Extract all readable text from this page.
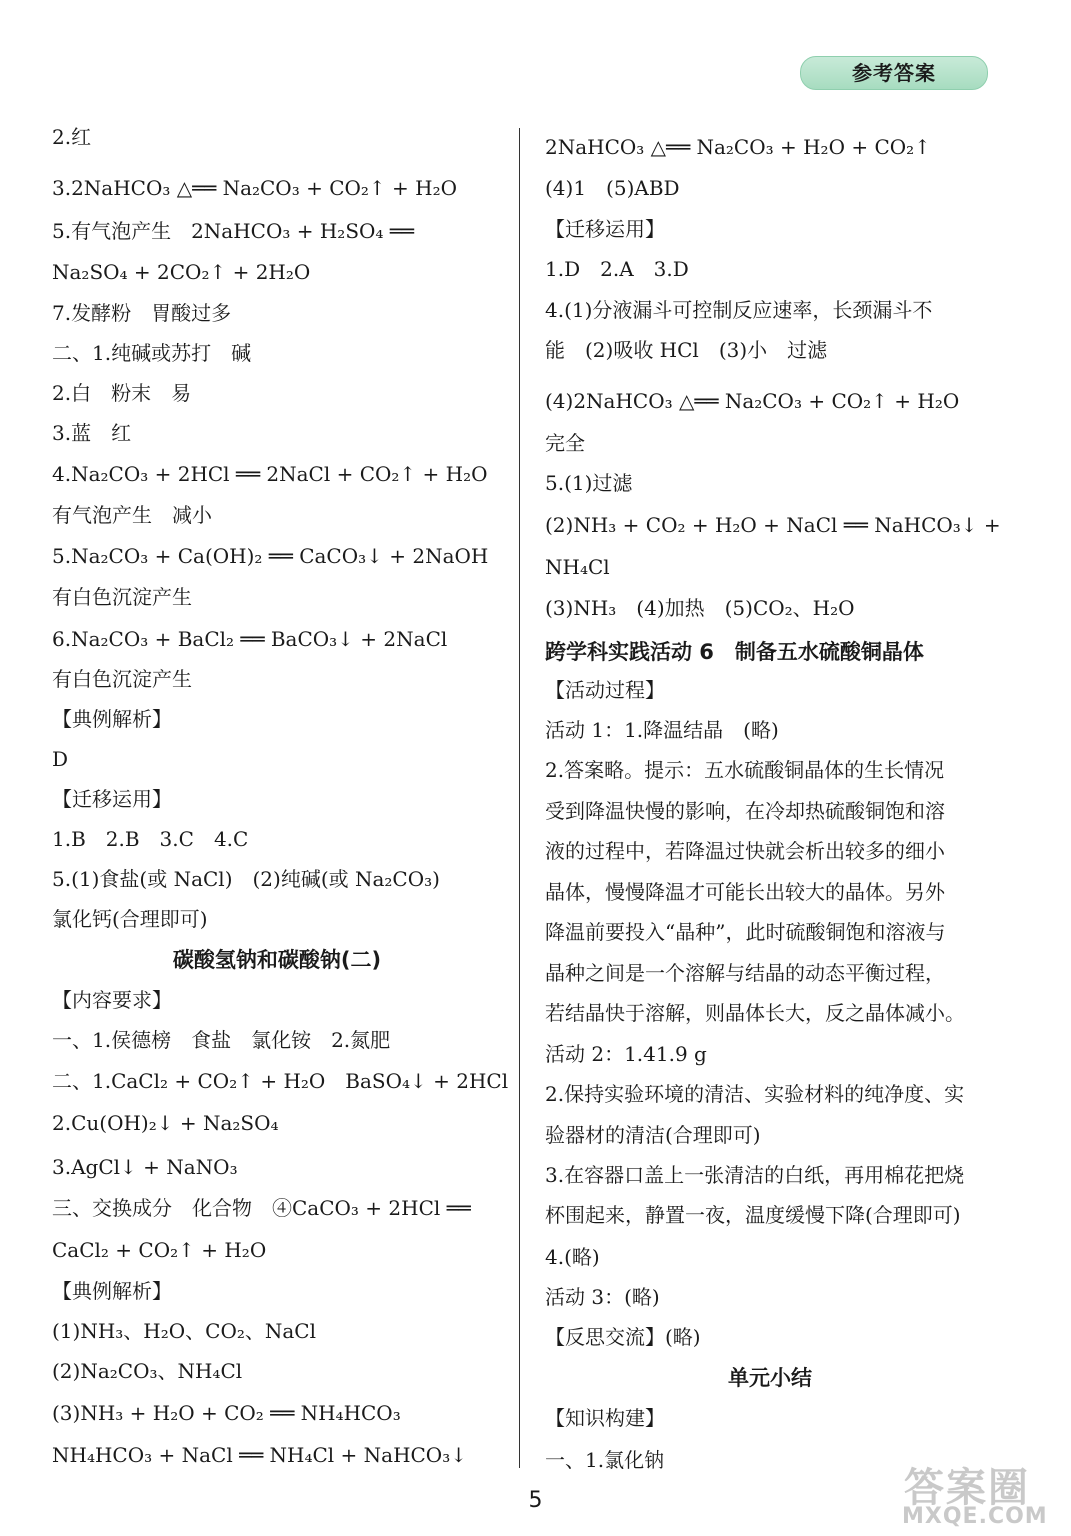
参考答案
2.红
3.2NaHCO₃ △══ Na₂CO₃ + CO₂↑ + H₂O
5.有气泡产生　2NaHCO₃ + H₂SO₄ ══
Na₂SO₄ + 2CO₂↑ + 2H₂O
7.发酵粉　胃酸过多
二、1.纯碱或苏打　碱
2.白　粉末　易
3.蓝　红
4.Na₂CO₃ + 2HCl ══ 2NaCl + CO₂↑ + H₂O
有气泡产生　减小
5.Na₂CO₃ + Ca(OH)₂ ══ CaCO₃↓ + 2NaOH
有白色沉淀产生
6.Na₂CO₃ + BaCl₂ ══ BaCO₃↓ + 2NaCl
有白色沉淀产生
【典例解析】
D
【迁移运用】
1.B　2.B　3.C　4.C
5.(1)食盐(或 NaCl)　(2)纯碱(或 Na₂CO₃)
氯化钙(合理即可)
碳酸氢钠和碳酸钠(二)
【内容要求】
一、1.侯德榜　食盐　氯化铵　2.氮肥
二、1.CaCl₂ + CO₂↑ + H₂O　BaSO₄↓ + 2HCl
2.Cu(OH)₂↓ + Na₂SO₄
3.AgCl↓ + NaNO₃
三、交换成分　化合物　④CaCO₃ + 2HCl ══
CaCl₂ + CO₂↑ + H₂O
【典例解析】
(1)NH₃、H₂O、CO₂、NaCl
(2)Na₂CO₃、NH₄Cl
(3)NH₃ + H₂O + CO₂ ══ NH₄HCO₃
NH₄HCO₃ + NaCl ══ NH₄Cl + NaHCO₃↓
2NaHCO₃ △══ Na₂CO₃ + H₂O + CO₂↑
(4)1　(5)ABD
【迁移运用】
1.D　2.A　3.D
4.(1)分液漏斗可控制反应速率，长颈漏斗不
能　(2)吸收 HCl　(3)小　过滤
(4)2NaHCO₃ △══ Na₂CO₃ + CO₂↑ + H₂O
完全
5.(1)过滤
(2)NH₃ + CO₂ + H₂O + NaCl ══ NaHCO₃↓ +
NH₄Cl
(3)NH₃　(4)加热　(5)CO₂、H₂O
跨学科实践活动 6　制备五水硫酸铜晶体
【活动过程】
活动 1：1.降温结晶　(略)
2.答案略。提示：五水硫酸铜晶体的生长情况
受到降温快慢的影响，在冷却热硫酸铜饱和溶
液的过程中，若降温过快就会析出较多的细小
晶体，慢慢降温才可能长出较大的晶体。另外
降温前要投入“晶种”，此时硫酸铜饱和溶液与
晶种之间是一个溶解与结晶的动态平衡过程，
若结晶快于溶解，则晶体长大，反之晶体减小。
活动 2：1.41.9 g
2.保持实验环境的清洁、实验材料的纯净度、实
验器材的清洁(合理即可)
3.在容器口盖上一张清洁的白纸，再用棉花把烧
杯围起来，静置一夜，温度缓慢下降(合理即可)
4.(略)
活动 3：(略)
【反思交流】(略)
单元小结
【知识构建】
一、1.氯化钠
5	答案圈
MXQE.COM
